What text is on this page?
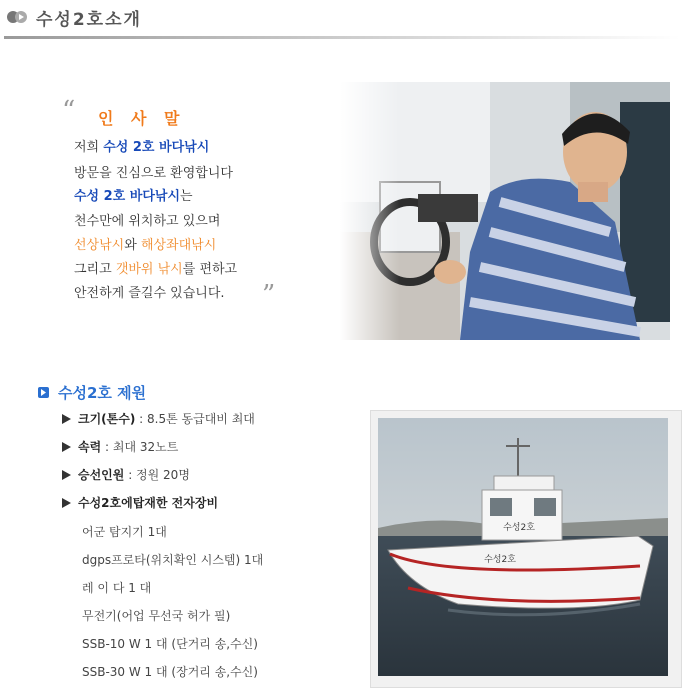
수성2호소개
“ 인 사 말
저희 수성 2호 바다낚시
방문을 진심으로 환영합니다
수성 2호 바다낚시는
천수만에 위치하고 있으며
선상낚시와 해상좌대낚시
그리고 갯바위 낚시를 편하고
안전하게 즐길수 있습니다. ”
수성2호 제원
크기(톤수) : 8.5톤 동급대비 최대
속력 : 최대 32노트
승선인원 : 정원 20명
수성2호에탑재한 전자장비
어군 탐지기 1대
dgps프로타(위치확인 시스템) 1대
레 이 다 1 대
무전기(어업 무선국 허가 필)
SSB-10 W 1 대 (단거리 송,수신)
SSB-30 W 1 대 (장거리 송,수신)
수성2호
수성2호
